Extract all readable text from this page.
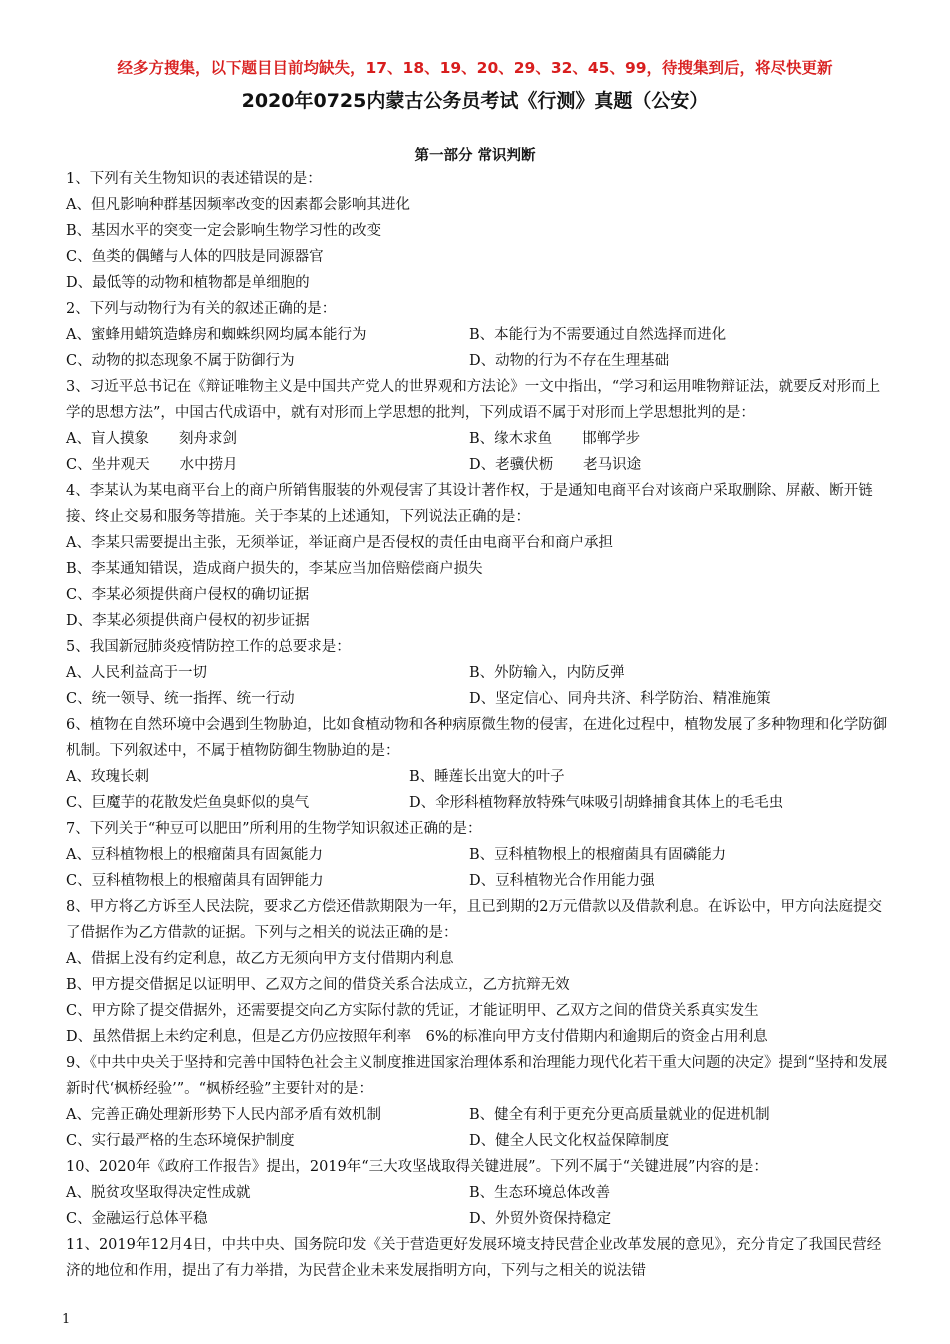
经多方搜集，以下题目目前均缺失，17、18、19、20、29、32、45、99，待搜集到后，将尽快更新
2020年0725内蒙古公务员考试《行测》真题（公安）
第一部分 常识判断
1、下列有关生物知识的表述错误的是：
A、但凡影响种群基因频率改变的因素都会影响其进化
B、基因水平的突变一定会影响生物学习性的改变
C、鱼类的偶鳍与人体的四肢是同源器官
D、最低等的动物和植物都是单细胞的
2、下列与动物行为有关的叙述正确的是：
A、蜜蜂用蜡筑造蜂房和蜘蛛织网均属本能行为	B、本能行为不需要通过自然选择而进化
C、动物的拟态现象不属于防御行为	D、动物的行为不存在生理基础
3、习近平总书记在《辩证唯物主义是中国共产党人的世界观和方法论》一文中指出，“学习和运用唯物辩证法，就要反对形而上学的思想方法”，中国古代成语中，就有对形而上学思想的批判，下列成语不属于对形而上学思想批判的是：
A、盲人摸象 刻舟求剑	B、缘木求鱼 邯郸学步
C、坐井观天 水中捞月	D、老骥伏枥 老马识途
4、李某认为某电商平台上的商户所销售服装的外观侵害了其设计著作权，于是通知电商平台对该商户采取删除、屏蔽、断开链接、终止交易和服务等措施。关于李某的上述通知，下列说法正确的是：
A、李某只需要提出主张，无须举证，举证商户是否侵权的责任由电商平台和商户承担
B、李某通知错误，造成商户损失的，李某应当加倍赔偿商户损失
C、李某必须提供商户侵权的确切证据
D、李某必须提供商户侵权的初步证据
5、我国新冠肺炎疫情防控工作的总要求是：
A、人民利益高于一切	B、外防输入，内防反弹
C、统一领导、统一指挥、统一行动	D、坚定信心、同舟共济、科学防治、精准施策
6、植物在自然环境中会遇到生物胁迫，比如食植动物和各种病原微生物的侵害，在进化过程中，植物发展了多种物理和化学防御机制。下列叙述中，不属于植物防御生物胁迫的是：
A、玫瑰长刺	B、睡莲长出宽大的叶子
C、巨魔芋的花散发烂鱼臭虾似的臭气	D、伞形科植物释放特殊气味吸引胡蜂捕食其体上的毛毛虫
7、下列关于“种豆可以肥田”所利用的生物学知识叙述正确的是：
A、豆科植物根上的根瘤菌具有固氮能力	B、豆科植物根上的根瘤菌具有固磷能力
C、豆科植物根上的根瘤菌具有固钾能力	D、豆科植物光合作用能力强
8、甲方将乙方诉至人民法院，要求乙方偿还借款期限为一年，且已到期的2万元借款以及借款利息。在诉讼中，甲方向法庭提交了借据作为乙方借款的证据。下列与之相关的说法正确的是：
A、借据上没有约定利息，故乙方无须向甲方支付借期内利息
B、甲方提交借据足以证明甲、乙双方之间的借贷关系合法成立，乙方抗辩无效
C、甲方除了提交借据外，还需要提交向乙方实际付款的凭证，才能证明甲、乙双方之间的借贷关系真实发生
D、虽然借据上未约定利息，但是乙方仍应按照年利率　6%的标准向甲方支付借期内和逾期后的资金占用利息
9、《中共中央关于坚持和完善中国特色社会主义制度推进国家治理体系和治理能力现代化若干重大问题的决定》提到“坚持和发展新时代‘枫桥经验’”。“枫桥经验”主要针对的是：
A、完善正确处理新形势下人民内部矛盾有效机制	B、健全有利于更充分更高质量就业的促进机制
C、实行最严格的生态环境保护制度	D、健全人民文化权益保障制度
10、2020年《政府工作报告》提出，2019年“三大攻坚战取得关键进展”。下列不属于“关键进展”内容的是：
A、脱贫攻坚取得决定性成就	B、生态环境总体改善
C、金融运行总体平稳	D、外贸外资保持稳定
11、2019年12月4日，中共中央、国务院印发《关于营造更好发展环境支持民营企业改革发展的意见》，充分肯定了我国民营经济的地位和作用，提出了有力举措，为民营企业未来发展指明方向，下列与之相关的说法错
1
